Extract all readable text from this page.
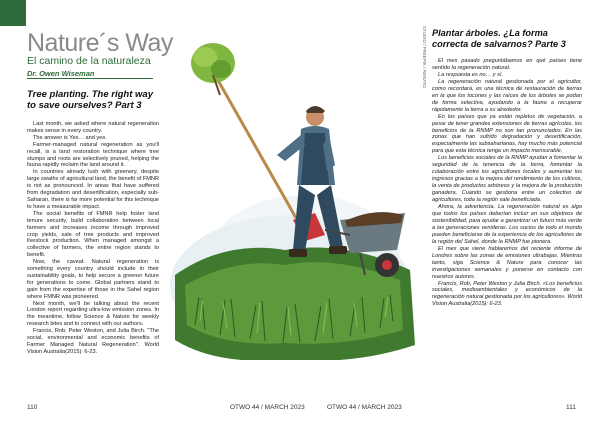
Nature´s Way
El camino de la naturaleza
Dr. Owen Wiseman
Tree planting. The right way to save ourselves? Part 3

Last month, we asked where natural regeneration makes sense in every country.

The answer is Yes… and yes.

Farmer-managed natural regeneration as you'll recall, is a land restoration technique where tree stumps and roots are selectively pruned, helping the fauna rapidly reclaim the land around it.

In countries already lush with greenery, despite large swaths of agricultural land, the benefit of FMNR is not as pronounced. In areas that have suffered from degradation and desertification, especially sub-Saharan, there is far more potential for this technique to have a measurable impact.

The social benefits of FMNR help foster land tenure security, build collaboration between local farmers and increases income through improved crop yields, sale of tree products and improved livestock production. When managed amongst a collective of farmers, the entire region stands to benefit.

Now, the caveat. Natural regeneration is something every country should include in their sustainability goals, to help secure a greener future for generations to come. Global partners stand to gain from the expertise of those in the Sahel region where FMNR was pioneered.

Next month, we'll be talking about the recent London report regarding ultra-low emission zones. In the meantime, follow Science & Nature for weekly research bites and to connect with our authors.

Francis, Rob, Peter Weston, and Julia Birch. "The social, environmental and economic benefits of Farmer Managed Natural Regeneration". World Vision Australia(2015): 6-23.

STUDIO / FREEPIK / RENATO Plantar árboles. ¿La forma correcta de salvarnos? Parte 3

El mes pasado preguntábamos en qué países tiene sentido la regeneración natural.

La respuesta es no… y sí.

La regeneración natural gestionada por el agricultor, como recordará, es una técnica de restauración de tierras en la que los tocones y las raíces de los árboles se podan de forma selectiva, ayudando a la fauna a recuperar rápidamente la tierra a su alrededor.

En los países que ya están repletos de vegetación, a pesar de tener grandes extensiones de tierras agrícolas, los beneficios de la RNMP no son tan pronunciados. En las zonas que han sufrido degradación y desertificación, especialmente las subsaharianas, hay mucho más potencial para que esta técnica tenga un impacto mensurable.

Los beneficios sociales de la RNMP ayudan a fomentar la seguridad de la tenencia de la tierra, fomentar la colaboración entre los agricultores locales y aumentar los ingresos gracias a la mejora del rendimiento de los cultivos, la venta de productos arbóreos y la mejora de la producción ganadera. Cuando se gestiona entre un colectivo de agricultores, toda la región sale beneficiada.

Ahora, la advertencia. La regeneración natural es algo que todos los países deberían incluir en sus objetivos de sostenibilidad, para ayudar a garantizar un futuro más verde a las generaciones venideras. Los socios de todo el mundo pueden beneficiarse de la experiencia de los agricultores de la región del Sahel, donde la RNMP fue pionera.

El mes que viene hablaremos del reciente informe de Londres sobre las zonas de emisiones ultrabajas. Mientras tanto, siga Science & Nature para conocer las investigaciones semanales y ponerse en contacto con nuestros autores.

Francis, Rob, Peter Weston y Julia Birch. «Los beneficios sociales, medioambientales y económicos de la regeneración natural gestionada por los agricultores». World Vision Australia(2015): 6-23.

110	OTWO 44 / MARCH 2023	OTWO 44 / MARCH 2023	111
